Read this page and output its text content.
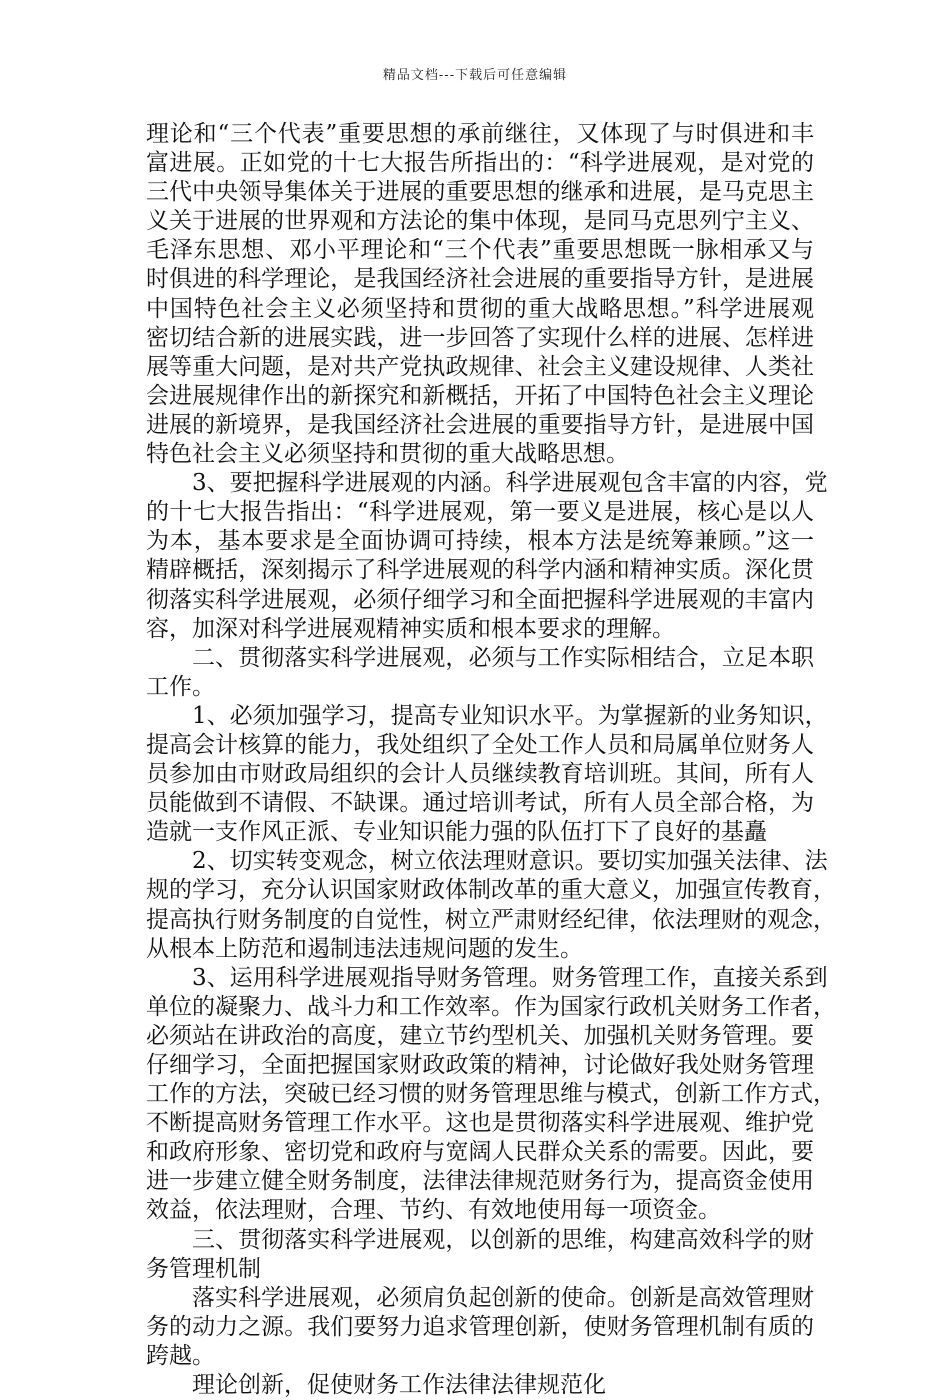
精品文档---下载后可任意编辑
理论和“三个代表”重要思想的承前继往，又体现了与时俱进和丰
富进展。正如党的十七大报告所指出的：“科学进展观，是对党的
三代中央领导集体关于进展的重要思想的继承和进展，是马克思主
义关于进展的世界观和方法论的集中体现，是同马克思列宁主义、
毛泽东思想、邓小平理论和“三个代表”重要思想既一脉相承又与
时俱进的科学理论，是我国经济社会进展的重要指导方针，是进展
中国特色社会主义必须坚持和贯彻的重大战略思想。”科学进展观
密切结合新的进展实践，进一步回答了实现什么样的进展、怎样进
展等重大问题，是对共产党执政规律、社会主义建设规律、人类社
会进展规律作出的新探究和新概括，开拓了中国特色社会主义理论
进展的新境界，是我国经济社会进展的重要指导方针，是进展中国
特色社会主义必须坚持和贯彻的重大战略思想。
3、要把握科学进展观的内涵。科学进展观包含丰富的内容，党
的十七大报告指出：“科学进展观，第一要义是进展，核心是以人
为本，基本要求是全面协调可持续，根本方法是统筹兼顾。”这一
精辟概括，深刻揭示了科学进展观的科学内涵和精神实质。深化贯
彻落实科学进展观，必须仔细学习和全面把握科学进展观的丰富内
容，加深对科学进展观精神实质和根本要求的理解。
二、贯彻落实科学进展观，必须与工作实际相结合，立足本职
工作。
1、必须加强学习，提高专业知识水平。为掌握新的业务知识，
提高会计核算的能力，我处组织了全处工作人员和局属单位财务人
员参加由市财政局组织的会计人员继续教育培训班。其间，所有人
员能做到不请假、不缺课。通过培训考试，所有人员全部合格，为
造就一支作风正派、专业知识能力强的队伍打下了良好的基矗
2、切实转变观念，树立依法理财意识。要切实加强关法律、法
规的学习，充分认识国家财政体制改革的重大意义，加强宣传教育，
提高执行财务制度的自觉性，树立严肃财经纪律，依法理财的观念，
从根本上防范和遏制违法违规问题的发生。
3、运用科学进展观指导财务管理。财务管理工作，直接关系到
单位的凝聚力、战斗力和工作效率。作为国家行政机关财务工作者，
必须站在讲政治的高度，建立节约型机关、加强机关财务管理。要
仔细学习，全面把握国家财政政策的精神，讨论做好我处财务管理
工作的方法，突破已经习惯的财务管理思维与模式，创新工作方式，
不断提高财务管理工作水平。这也是贯彻落实科学进展观、维护党
和政府形象、密切党和政府与宽阔人民群众关系的需要。因此，要
进一步建立健全财务制度，法律法律规范财务行为，提高资金使用
效益，依法理财，合理、节约、有效地使用每一项资金。
三、贯彻落实科学进展观，以创新的思维，构建高效科学的财
务管理机制
落实科学进展观，必须肩负起创新的使命。创新是高效管理财
务的动力之源。我们要努力追求管理创新，使财务管理机制有质的
跨越。
理论创新，促使财务工作法律法律规范化
